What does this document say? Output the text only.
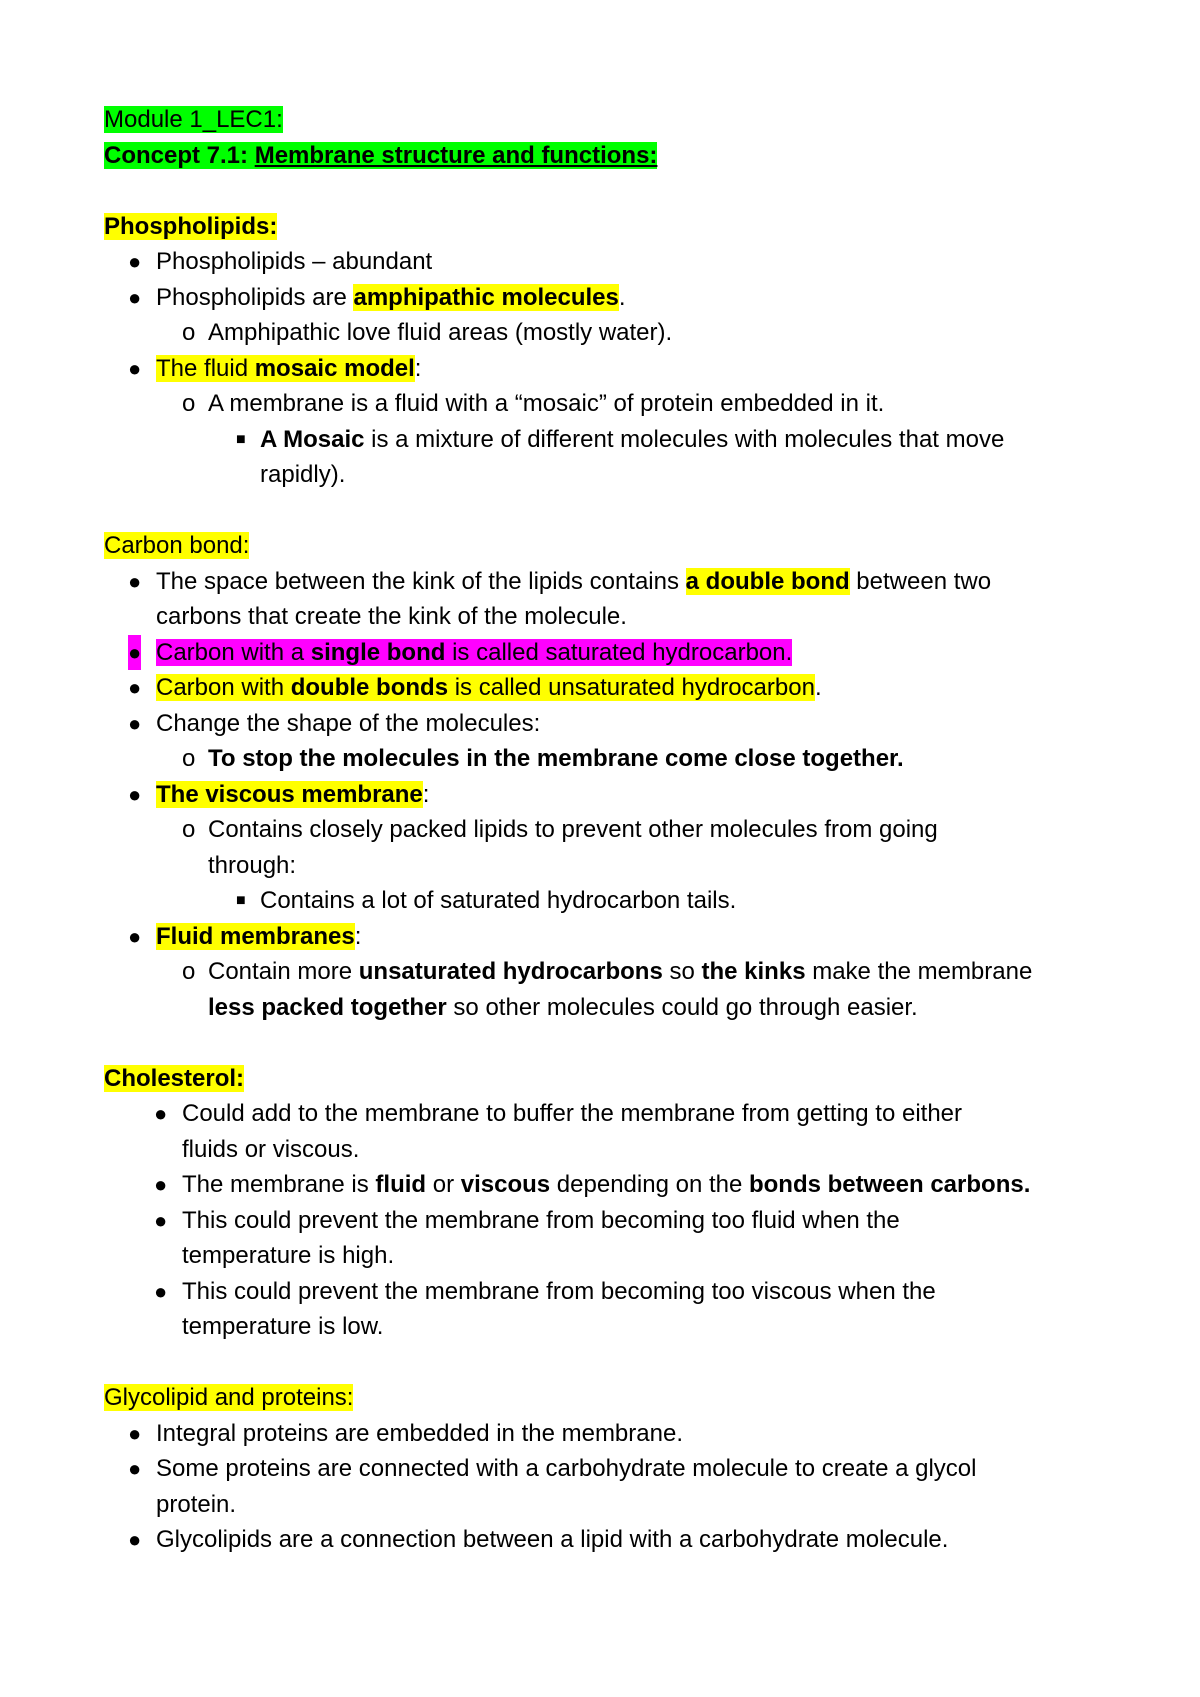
Module 1_LEC1:
Concept 7.1: Membrane structure and functions:
Phospholipids:
● Phospholipids – abundant
● Phospholipids are amphipathic molecules.
o Amphipathic love fluid areas (mostly water).
● The fluid mosaic model:
o A membrane is a fluid with a “mosaic” of protein embedded in it.
■ A Mosaic is a mixture of different molecules with molecules that move
rapidly).
Carbon bond:
● The space between the kink of the lipids contains a double bond between two
carbons that create the kink of the molecule.
● Carbon with a single bond is called saturated hydrocarbon.
● Carbon with double bonds is called unsaturated hydrocarbon.
● Change the shape of the molecules:
o To stop the molecules in the membrane come close together.
● The viscous membrane:
o Contains closely packed lipids to prevent other molecules from going
through:
■ Contains a lot of saturated hydrocarbon tails.
● Fluid membranes:
o Contain more unsaturated hydrocarbons so the kinks make the membrane
less packed together so other molecules could go through easier.
Cholesterol:
● Could add to the membrane to buffer the membrane from getting to either
fluids or viscous.
● The membrane is fluid or viscous depending on the bonds between carbons.
● This could prevent the membrane from becoming too fluid when the
temperature is high.
● This could prevent the membrane from becoming too viscous when the
temperature is low.
Glycolipid and proteins:
● Integral proteins are embedded in the membrane.
● Some proteins are connected with a carbohydrate molecule to create a glycol
protein.
● Glycolipids are a connection between a lipid with a carbohydrate molecule.
